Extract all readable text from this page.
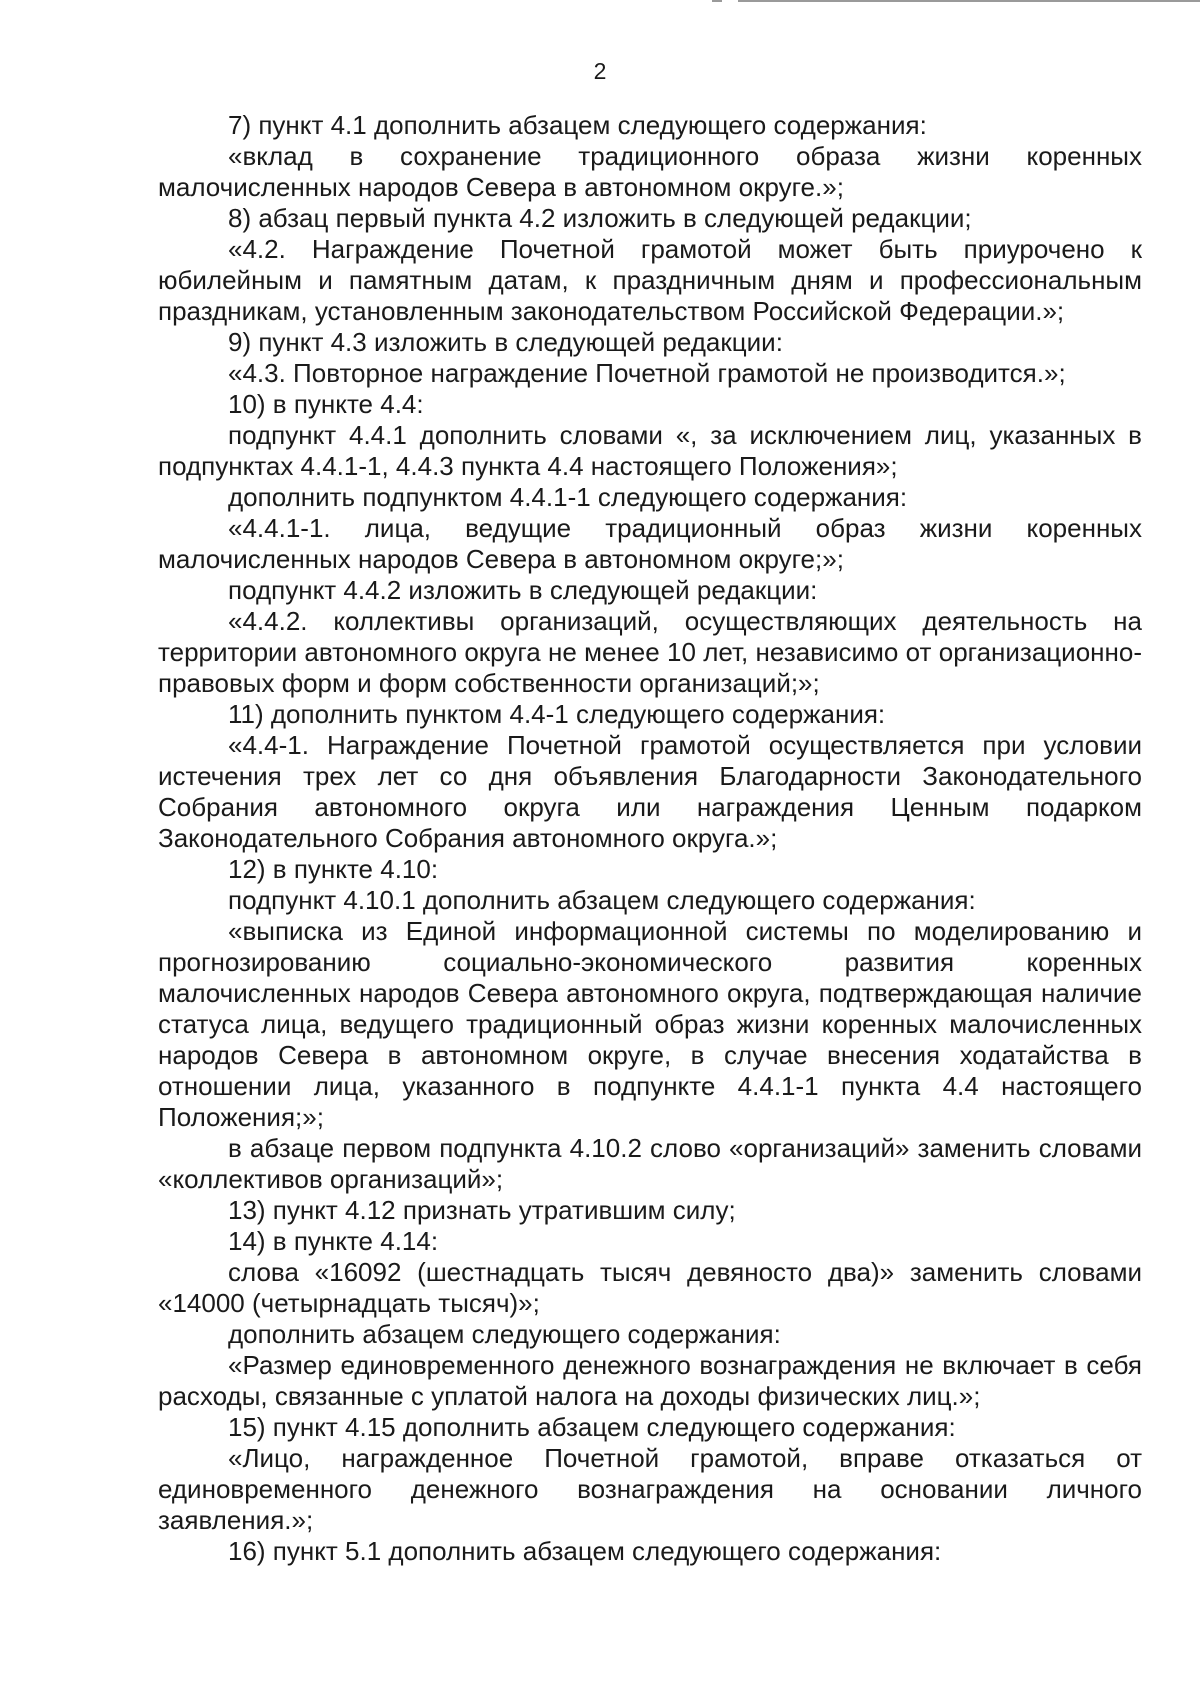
2

7) пункт 4.1 дополнить абзацем следующего содержания:

«вклад в сохранение традиционного образа жизни коренных малочисленных народов Севера в автономном округе.»;

8) абзац первый пункта 4.2 изложить в следующей редакции;

«4.2. Награждение Почетной грамотой может быть приурочено к юбилейным и памятным датам, к праздничным дням и профессиональным праздникам, установленным законодательством Российской Федерации.»;

9) пункт 4.3 изложить в следующей редакции:

«4.3. Повторное награждение Почетной грамотой не производится.»;

10) в пункте 4.4:

подпункт 4.4.1 дополнить словами «, за исключением лиц, указанных в подпунктах 4.4.1-1, 4.4.3 пункта 4.4 настоящего Положения»;

дополнить подпунктом 4.4.1-1 следующего содержания:

«4.4.1-1. лица, ведущие традиционный образ жизни коренных малочисленных народов Севера в автономном округе;»;

подпункт 4.4.2 изложить в следующей редакции:

«4.4.2. коллективы организаций, осуществляющих деятельность на территории автономного округа не менее 10 лет, независимо от организационно-правовых форм и форм собственности организаций;»;

11) дополнить пунктом 4.4-1 следующего содержания:

«4.4-1. Награждение Почетной грамотой осуществляется при условии истечения трех лет со дня объявления Благодарности Законодательного Собрания автономного округа или награждения Ценным подарком Законодательного Собрания автономного округа.»;

12) в пункте 4.10:

подпункт 4.10.1 дополнить абзацем следующего содержания:

«выписка из Единой информационной системы по моделированию и прогнозированию социально-экономического развития коренных малочисленных народов Севера автономного округа, подтверждающая наличие статуса лица, ведущего традиционный образ жизни коренных малочисленных народов Севера в автономном округе, в случае внесения ходатайства в отношении лица, указанного в подпункте 4.4.1-1 пункта 4.4 настоящего Положения;»;

в абзаце первом подпункта 4.10.2 слово «организаций» заменить словами «коллективов организаций»;

13) пункт 4.12 признать утратившим силу;

14) в пункте 4.14:

слова «16092 (шестнадцать тысяч девяносто два)» заменить словами «14000 (четырнадцать тысяч)»;

дополнить абзацем следующего содержания:

«Размер единовременного денежного вознаграждения не включает в себя расходы, связанные с уплатой налога на доходы физических лиц.»;

15) пункт 4.15 дополнить абзацем следующего содержания:

«Лицо, награжденное Почетной грамотой, вправе отказаться от единовременного денежного вознаграждения на основании личного заявления.»;

16) пункт 5.1 дополнить абзацем следующего содержания:
